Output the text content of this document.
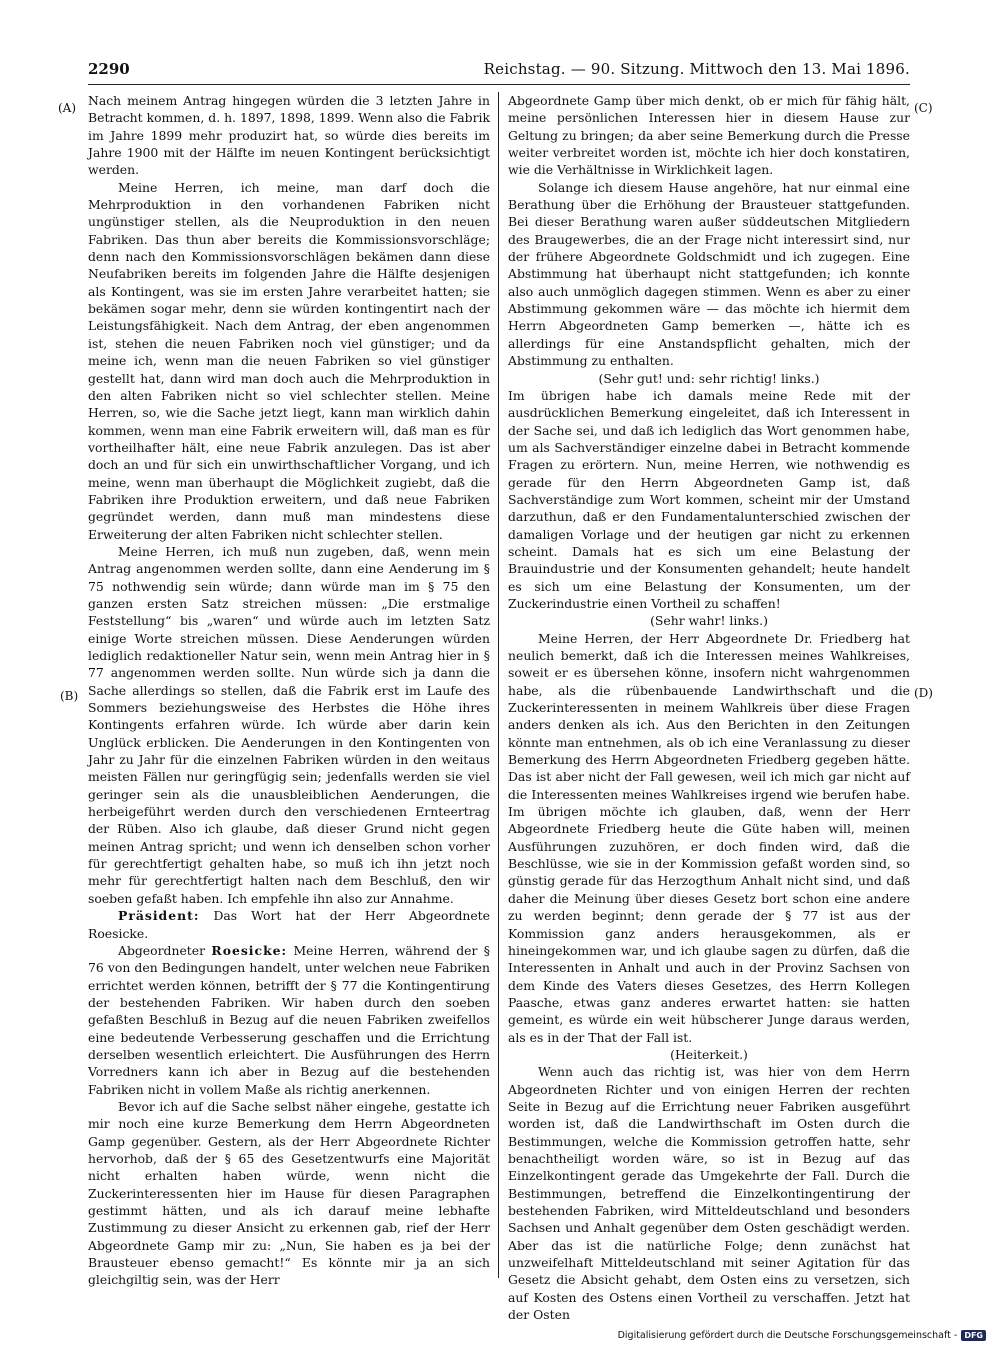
2290	Reichstag. — 90. Sitzung. Mittwoch den 13. Mai 1896.
(A)
(B)
(C)
(D)

Nach meinem Antrag hingegen würden die 3 letzten Jahre in Betracht kommen, d. h. 1897, 1898, 1899. Wenn also die Fabrik im Jahre 1899 mehr produzirt hat, so würde dies bereits im Jahre 1900 mit der Hälfte im neuen Kontingent berücksichtigt werden.

Meine Herren, ich meine, man darf doch die Mehrproduktion in den vorhandenen Fabriken nicht ungünstiger stellen, als die Neuproduktion in den neuen Fabriken. Das thun aber bereits die Kommissionsvorschläge; denn nach den Kommissionsvorschlägen bekämen dann diese Neufabriken bereits im folgenden Jahre die Hälfte desjenigen als Kontingent, was sie im ersten Jahre verarbeitet hatten; sie bekämen sogar mehr, denn sie würden kontingentirt nach der Leistungsfähigkeit. Nach dem Antrag, der eben angenommen ist, stehen die neuen Fabriken noch viel günstiger; und da meine ich, wenn man die neuen Fabriken so viel günstiger gestellt hat, dann wird man doch auch die Mehrproduktion in den alten Fabriken nicht so viel schlechter stellen. Meine Herren, so, wie die Sache jetzt liegt, kann man wirklich dahin kommen, wenn man eine Fabrik erweitern will, daß man es für vortheilhafter hält, eine neue Fabrik anzulegen. Das ist aber doch an und für sich ein unwirthschaftlicher Vorgang, und ich meine, wenn man überhaupt die Möglichkeit zugiebt, daß die Fabriken ihre Produktion erweitern, und daß neue Fabriken gegründet werden, dann muß man mindestens diese Erweiterung der alten Fabriken nicht schlechter stellen.

Meine Herren, ich muß nun zugeben, daß, wenn mein Antrag angenommen werden sollte, dann eine Aenderung im § 75 nothwendig sein würde; dann würde man im § 75 den ganzen ersten Satz streichen müssen: „Die erstmalige Feststellung“ bis „waren“ und würde auch im letzten Satz einige Worte streichen müssen. Diese Aenderungen würden lediglich redaktioneller Natur sein, wenn mein Antrag hier in § 77 angenommen werden sollte. Nun würde sich ja dann die Sache allerdings so stellen, daß die Fabrik erst im Laufe des Sommers beziehungsweise des Herbstes die Höhe ihres Kontingents erfahren würde. Ich würde aber darin kein Unglück erblicken. Die Aenderungen in den Kontingenten von Jahr zu Jahr für die einzelnen Fabriken würden in den weitaus meisten Fällen nur geringfügig sein; jedenfalls werden sie viel geringer sein als die unausbleiblichen Aenderungen, die herbeigeführt werden durch den verschiedenen Ernteertrag der Rüben. Also ich glaube, daß dieser Grund nicht gegen meinen Antrag spricht; und wenn ich denselben schon vorher für gerechtfertigt gehalten habe, so muß ich ihn jetzt noch mehr für gerechtfertigt halten nach dem Beschluß, den wir soeben gefaßt haben. Ich empfehle ihn also zur Annahme.

Präsident: Das Wort hat der Herr Abgeordnete Roesicke.

Abgeordneter Roesicke: Meine Herren, während der § 76 von den Bedingungen handelt, unter welchen neue Fabriken errichtet werden können, betrifft der § 77 die Kontingentirung der bestehenden Fabriken. Wir haben durch den soeben gefaßten Beschluß in Bezug auf die neuen Fabriken zweifellos eine bedeutende Verbesserung geschaffen und die Errichtung derselben wesentlich erleichtert. Die Ausführungen des Herrn Vorredners kann ich aber in Bezug auf die bestehenden Fabriken nicht in vollem Maße als richtig anerkennen.

Bevor ich auf die Sache selbst näher eingehe, gestatte ich mir noch eine kurze Bemerkung dem Herrn Abgeordneten Gamp gegenüber. Gestern, als der Herr Abgeordnete Richter hervorhob, daß der § 65 des Gesetzentwurfs eine Majorität nicht erhalten haben würde, wenn nicht die Zuckerinteressenten hier im Hause für diesen Paragraphen gestimmt hätten, und als ich darauf meine lebhafte Zustimmung zu dieser Ansicht zu erkennen gab, rief der Herr Abgeordnete Gamp mir zu: „Nun, Sie haben es ja bei der Brausteuer ebenso gemacht!“ Es könnte mir ja an sich gleichgiltig sein, was der Herr

Abgeordnete Gamp über mich denkt, ob er mich für fähig hält, meine persönlichen Interessen hier in diesem Hause zur Geltung zu bringen; da aber seine Bemerkung durch die Presse weiter verbreitet worden ist, möchte ich hier doch konstatiren, wie die Verhältnisse in Wirklichkeit lagen.

Solange ich diesem Hause angehöre, hat nur einmal eine Berathung über die Erhöhung der Brausteuer stattgefunden. Bei dieser Berathung waren außer süddeutschen Mitgliedern des Braugewerbes, die an der Frage nicht interessirt sind, nur der frühere Abgeordnete Goldschmidt und ich zugegen. Eine Abstimmung hat überhaupt nicht stattgefunden; ich konnte also auch unmöglich dagegen stimmen. Wenn es aber zu einer Abstimmung gekommen wäre — das möchte ich hiermit dem Herrn Abgeordneten Gamp bemerken —, hätte ich es allerdings für eine Anstandspflicht gehalten, mich der Abstimmung zu enthalten.

(Sehr gut! und: sehr richtig! links.)

Im übrigen habe ich damals meine Rede mit der ausdrücklichen Bemerkung eingeleitet, daß ich Interessent in der Sache sei, und daß ich lediglich das Wort genommen habe, um als Sachverständiger einzelne dabei in Betracht kommende Fragen zu erörtern. Nun, meine Herren, wie nothwendig es gerade für den Herrn Abgeordneten Gamp ist, daß Sachverständige zum Wort kommen, scheint mir der Umstand darzuthun, daß er den Fundamentalunterschied zwischen der damaligen Vorlage und der heutigen gar nicht zu erkennen scheint. Damals hat es sich um eine Belastung der Brauindustrie und der Konsumenten gehandelt; heute handelt es sich um eine Belastung der Konsumenten, um der Zuckerindustrie einen Vortheil zu schaffen!

(Sehr wahr! links.)

Meine Herren, der Herr Abgeordnete Dr. Friedberg hat neulich bemerkt, daß ich die Interessen meines Wahlkreises, soweit er es übersehen könne, insofern nicht wahrgenommen habe, als die rübenbauende Landwirthschaft und die Zuckerinteressenten in meinem Wahlkreis über diese Fragen anders denken als ich. Aus den Berichten in den Zeitungen könnte man entnehmen, als ob ich eine Veranlassung zu dieser Bemerkung des Herrn Abgeordneten Friedberg gegeben hätte. Das ist aber nicht der Fall gewesen, weil ich mich gar nicht auf die Interessenten meines Wahlkreises irgend wie berufen habe. Im übrigen möchte ich glauben, daß, wenn der Herr Abgeordnete Friedberg heute die Güte haben will, meinen Ausführungen zuzuhören, er doch finden wird, daß die Beschlüsse, wie sie in der Kommission gefaßt worden sind, so günstig gerade für das Herzogthum Anhalt nicht sind, und daß daher die Meinung über dieses Gesetz bort schon eine andere zu werden beginnt; denn gerade der § 77 ist aus der Kommission ganz anders herausgekommen, als er hineingekommen war, und ich glaube sagen zu dürfen, daß die Interessenten in Anhalt und auch in der Provinz Sachsen von dem Kinde des Vaters dieses Gesetzes, des Herrn Kollegen Paasche, etwas ganz anderes erwartet hatten: sie hatten gemeint, es würde ein weit hübscherer Junge daraus werden, als es in der That der Fall ist.

(Heiterkeit.)

Wenn auch das richtig ist, was hier von dem Herrn Abgeordneten Richter und von einigen Herren der rechten Seite in Bezug auf die Errichtung neuer Fabriken ausgeführt worden ist, daß die Landwirthschaft im Osten durch die Bestimmungen, welche die Kommission getroffen hatte, sehr benachtheiligt worden wäre, so ist in Bezug auf das Einzelkontingent gerade das Umgekehrte der Fall. Durch die Bestimmungen, betreffend die Einzelkontingentirung der bestehenden Fabriken, wird Mitteldeutschland und besonders Sachsen und Anhalt gegenüber dem Osten geschädigt werden. Aber das ist die natürliche Folge; denn zunächst hat unzweifelhaft Mitteldeutschland mit seiner Agitation für das Gesetz die Absicht gehabt, dem Osten eins zu versetzen, sich auf Kosten des Ostens einen Vortheil zu verschaffen. Jetzt hat der Osten

Digitalisierung gefördert durch die Deutsche Forschungsgemeinschaft - DFG
